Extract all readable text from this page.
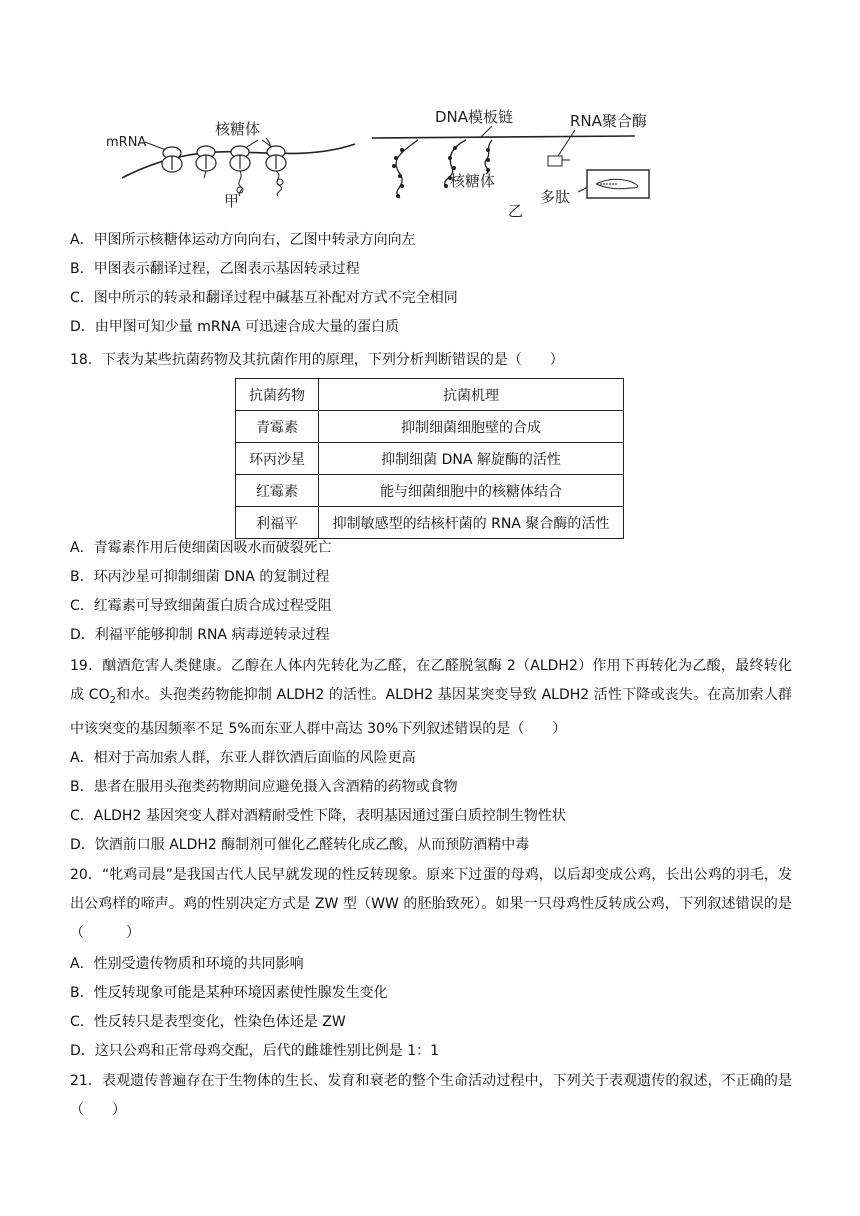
mRNA
核糖体
甲
DNA模板链	RNA聚合酶
核糖体
乙
多肽
A．甲图所示核糖体运动方向向右，乙图中转录方向向左
B．甲图表示翻译过程，乙图表示基因转录过程
C．图中所示的转录和翻译过程中碱基互补配对方式不完全相同
D．由甲图可知少量 mRNA 可迅速合成大量的蛋白质
18．下表为某些抗菌药物及其抗菌作用的原理，下列分析判断错误的是（　　）
抗菌药物	抗菌机理
青霉素	抑制细菌细胞壁的合成
环丙沙星	抑制细菌 DNA 解旋酶的活性
红霉素	能与细菌细胞中的核糖体结合
利福平	抑制敏感型的结核杆菌的 RNA 聚合酶的活性
A．青霉素作用后使细菌因吸水而破裂死亡
B．环丙沙星可抑制细菌 DNA 的复制过程
C．红霉素可导致细菌蛋白质合成过程受阻
D．利福平能够抑制 RNA 病毒逆转录过程
19．酗酒危害人类健康。乙醇在人体内先转化为乙醛，在乙醛脱氢酶 2（ALDH2）作用下再转化为乙酸，最终转化成 $CO_2$和水。头孢类药物能抑制 ALDH2 的活性。ALDH2 基因某突变导致 ALDH2 活性下降或丧失。在高加索人群中该突变的基因频率不足 5%而东亚人群中高达 30%下列叙述错误的是（　　）
A．相对于高加索人群，东亚人群饮酒后面临的风险更高
B．患者在服用头孢类药物期间应避免摄入含酒精的药物或食物
C．ALDH2 基因突变人群对酒精耐受性下降，表明基因通过蛋白质控制生物性状
D．饮酒前口服 ALDH2 酶制剂可催化乙醛转化成乙酸，从而预防酒精中毒
20．“牝鸡司晨”是我国古代人民早就发现的性反转现象。原来下过蛋的母鸡，以后却变成公鸡，长出公鸡的羽毛，发出公鸡样的啼声。鸡的性别决定方式是 ZW 型（WW 的胚胎致死）。如果一只母鸡性反转成公鸡，下列叙述错误的是（　　　）
A．性别受遗传物质和环境的共同影响
B．性反转现象可能是某种环境因素使性腺发生变化
C．性反转只是表型变化，性染色体还是 ZW
D．这只公鸡和正常母鸡交配，后代的雌雄性别比例是 1：1
21．表观遗传普遍存在于生物体的生长、发育和衰老的整个生命活动过程中，下列关于表观遗传的叙述，不正确的是（　　）
